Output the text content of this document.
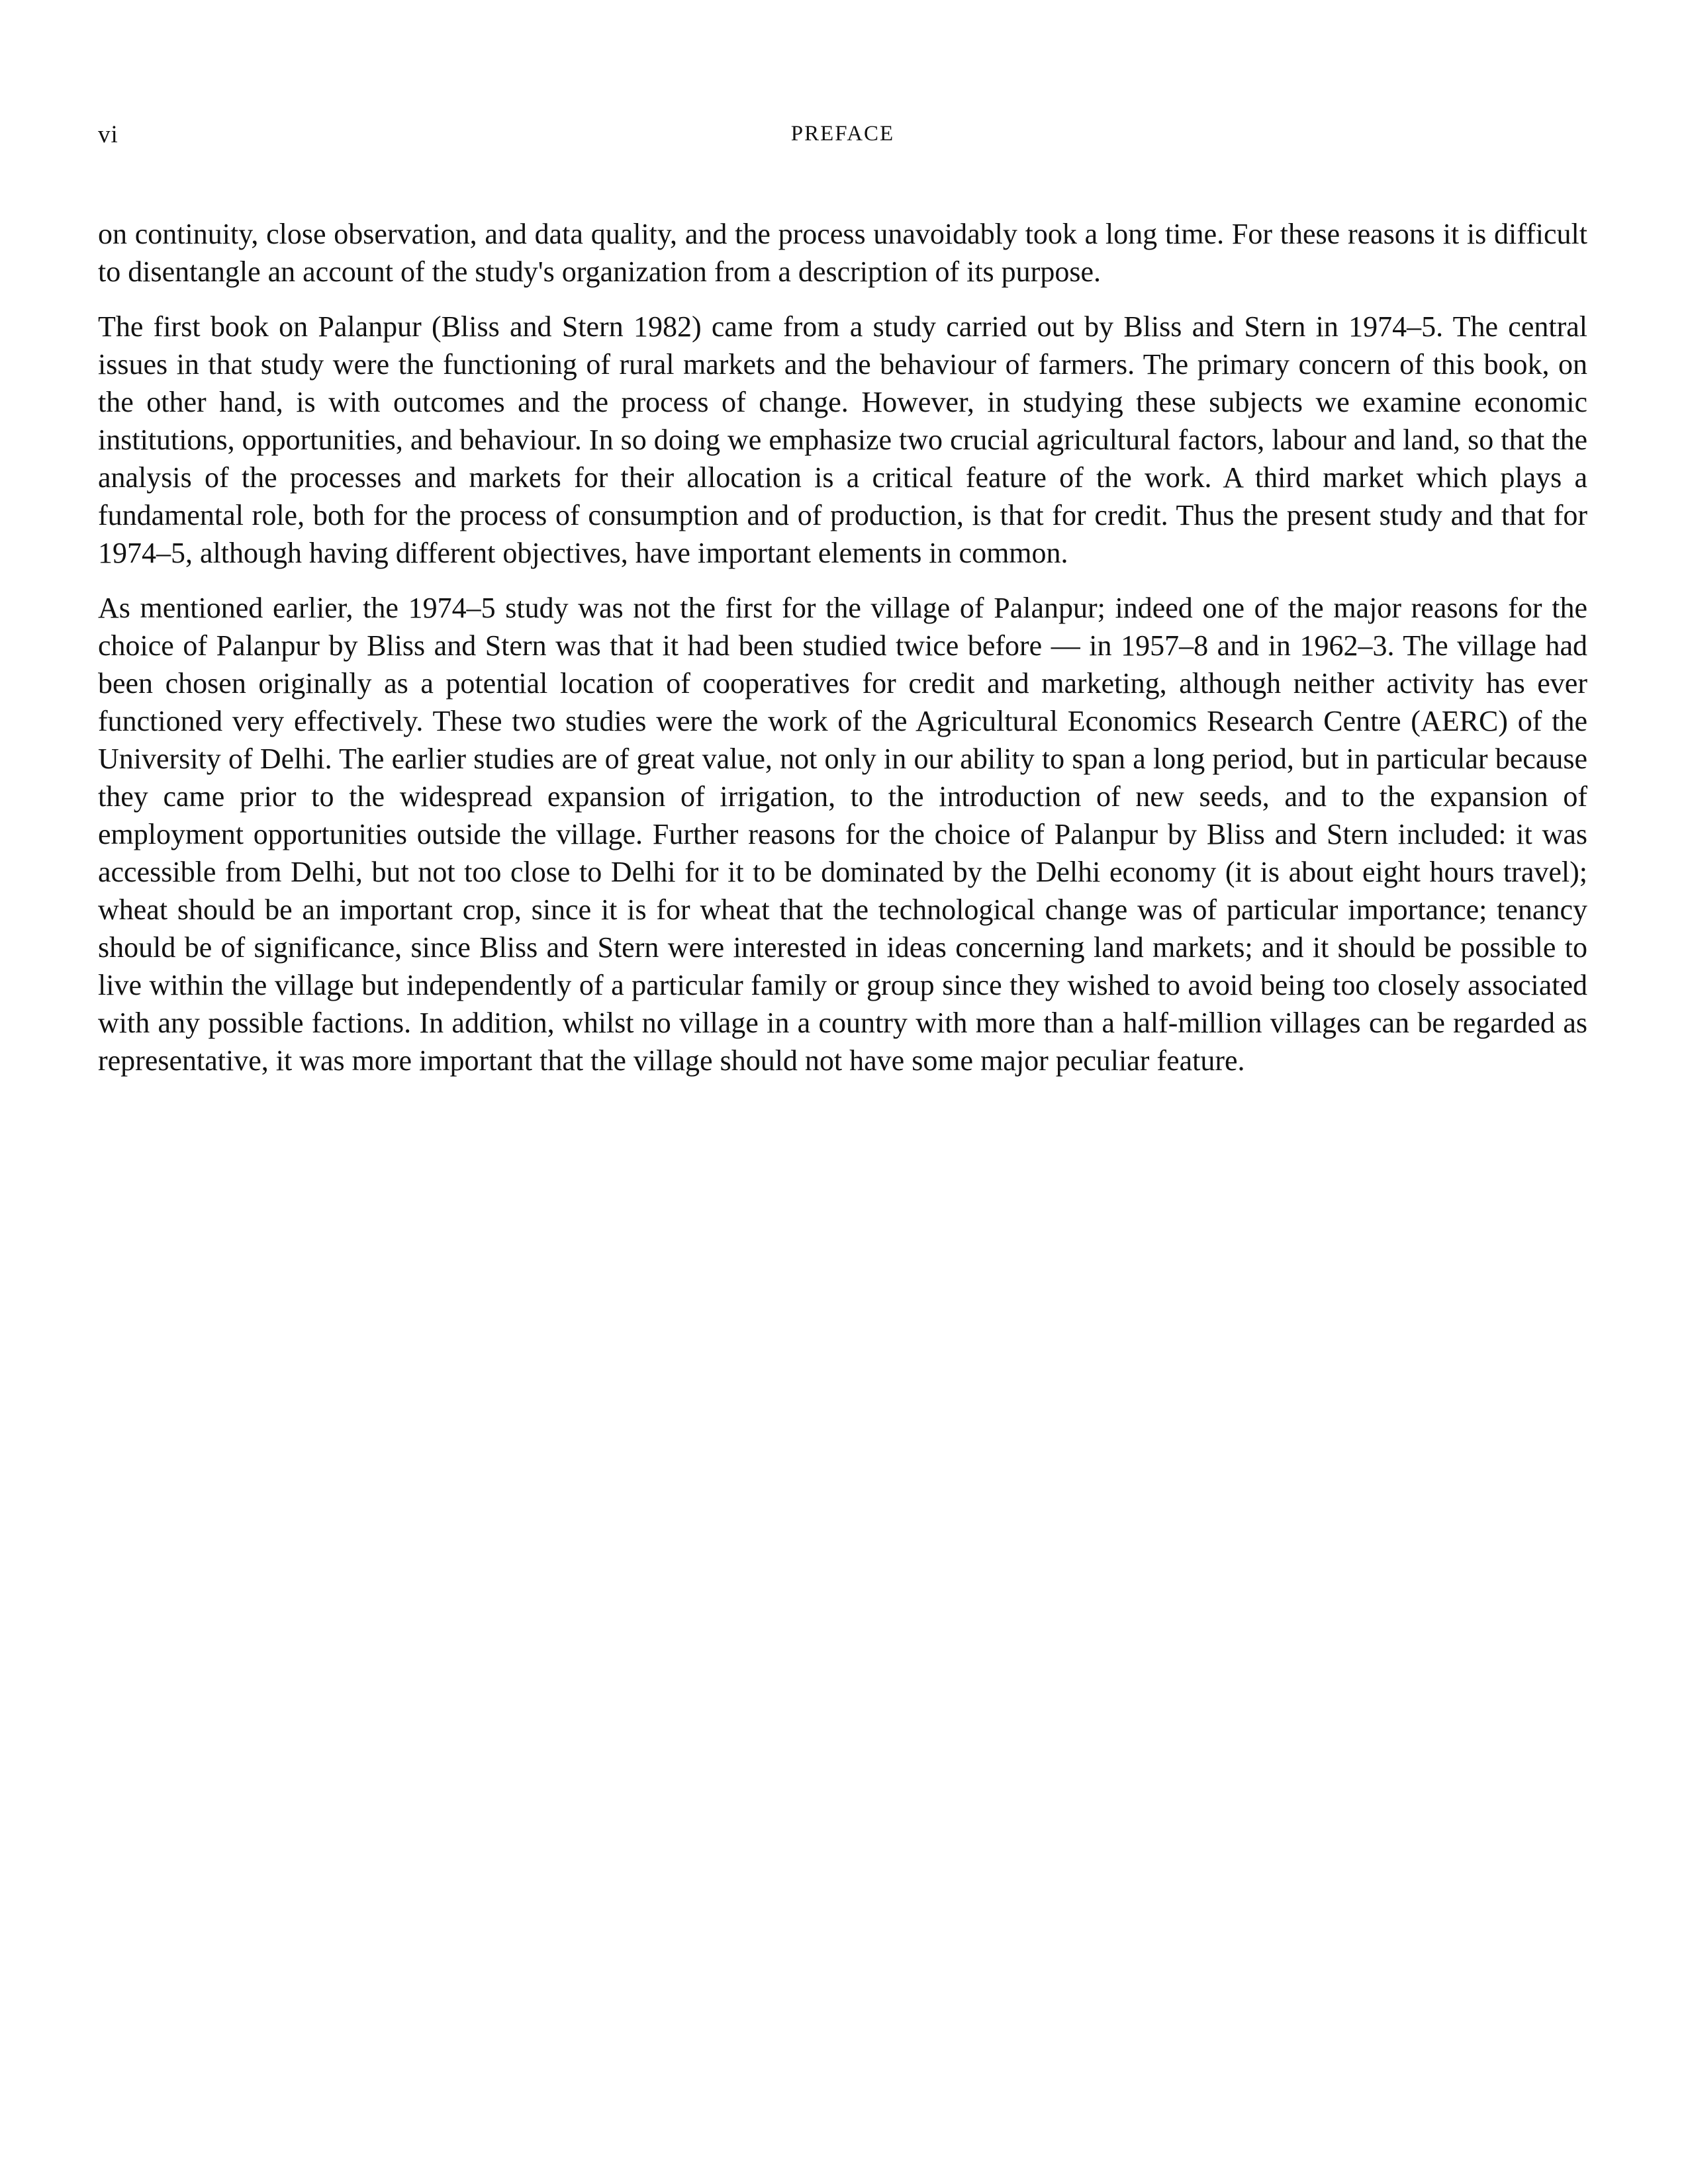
vi	PREFACE

on continuity, close observation, and data quality, and the process unavoidably took a long time. For these reasons it is difficult to disentangle an account of the study's organization from a description of its purpose.

The first book on Palanpur (Bliss and Stern 1982) came from a study carried out by Bliss and Stern in 1974–5. The central issues in that study were the functioning of rural markets and the behaviour of farmers. The primary concern of this book, on the other hand, is with outcomes and the process of change. However, in studying these subjects we examine economic institutions, opportunities, and behaviour. In so doing we emphasize two crucial agricultural factors, labour and land, so that the analysis of the processes and markets for their allocation is a critical feature of the work. A third market which plays a fundamental role, both for the process of consumption and of production, is that for credit. Thus the present study and that for 1974–5, although having different objectives, have important elements in common.

As mentioned earlier, the 1974–5 study was not the first for the village of Palanpur; indeed one of the major reasons for the choice of Palanpur by Bliss and Stern was that it had been studied twice before — in 1957–8 and in 1962–3. The village had been chosen originally as a potential location of cooperatives for credit and marketing, although neither activity has ever functioned very effectively. These two studies were the work of the Agricultural Economics Research Centre (AERC) of the University of Delhi. The earlier studies are of great value, not only in our ability to span a long period, but in particular because they came prior to the widespread expansion of irrigation, to the introduction of new seeds, and to the expansion of employment opportunities outside the village. Further reasons for the choice of Palanpur by Bliss and Stern included: it was accessible from Delhi, but not too close to Delhi for it to be dominated by the Delhi economy (it is about eight hours travel); wheat should be an important crop, since it is for wheat that the technological change was of particular importance; tenancy should be of significance, since Bliss and Stern were interested in ideas concerning land markets; and it should be possible to live within the village but independently of a particular family or group since they wished to avoid being too closely associated with any possible factions. In addition, whilst no village in a country with more than a half-million villages can be regarded as representative, it was more important that the village should not have some major peculiar feature.
